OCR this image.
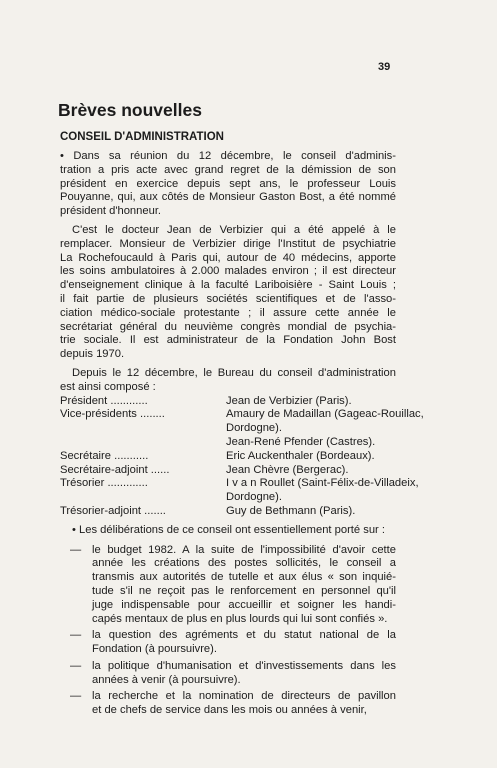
39
Brèves nouvelles
CONSEIL D'ADMINISTRATION
• Dans sa réunion du 12 décembre, le conseil d'adminis-
tration a pris acte avec grand regret de la démission de son
président en exercice depuis sept ans, le professeur Louis
Pouyanne, qui, aux côtés de Monsieur Gaston Bost, a été nommé
président d'honneur.
C'est le docteur Jean de Verbizier qui a été appelé à le
remplacer. Monsieur de Verbizier dirige l'Institut de psychiatrie
La Rochefoucauld à Paris qui, autour de 40 médecins, apporte
les soins ambulatoires à 2.000 malades environ ; il est directeur
d'enseignement clinique à la faculté Lariboisière - Saint Louis ;
il fait partie de plusieurs sociétés scientifiques et de l'asso-
ciation médico-sociale protestante ; il assure cette année le
secrétariat général du neuvième congrès mondial de psychia-
trie sociale. Il est administrateur de la Fondation John Bost
depuis 1970.
Depuis le 12 décembre, le Bureau du conseil d'administration
est ainsi composé :
Président ............	Jean de Verbizier (Paris).
Vice-présidents ........	Amaury de Madaillan (Gageac-Rouillac,
Dordogne).
Jean-René Pfender (Castres).
Secrétaire ...........	Eric Auckenthaler (Bordeaux).
Secrétaire-adjoint ......	Jean Chèvre (Bergerac).
Trésorier .............	I v a n Roullet (Saint-Félix-de-Villadeix,
Dordogne).
Trésorier-adjoint .......	Guy de Bethmann (Paris).
• Les délibérations de ce conseil ont essentiellement porté sur :
— le budget 1982. A la suite de l'impossibilité d'avoir cette
année les créations des postes sollicités, le conseil a
transmis aux autorités de tutelle et aux élus « son inquié-
tude s'il ne reçoit pas le renforcement en personnel qu'il
juge indispensable pour accueillir et soigner les handi-
capés mentaux de plus en plus lourds qui lui sont confiés ».
— la question des agréments et du statut national de la
Fondation (à poursuivre).
— la politique d'humanisation et d'investissements dans les
années à venir (à poursuivre).
— la recherche et la nomination de directeurs de pavillon
et de chefs de service dans les mois ou années à venir,
